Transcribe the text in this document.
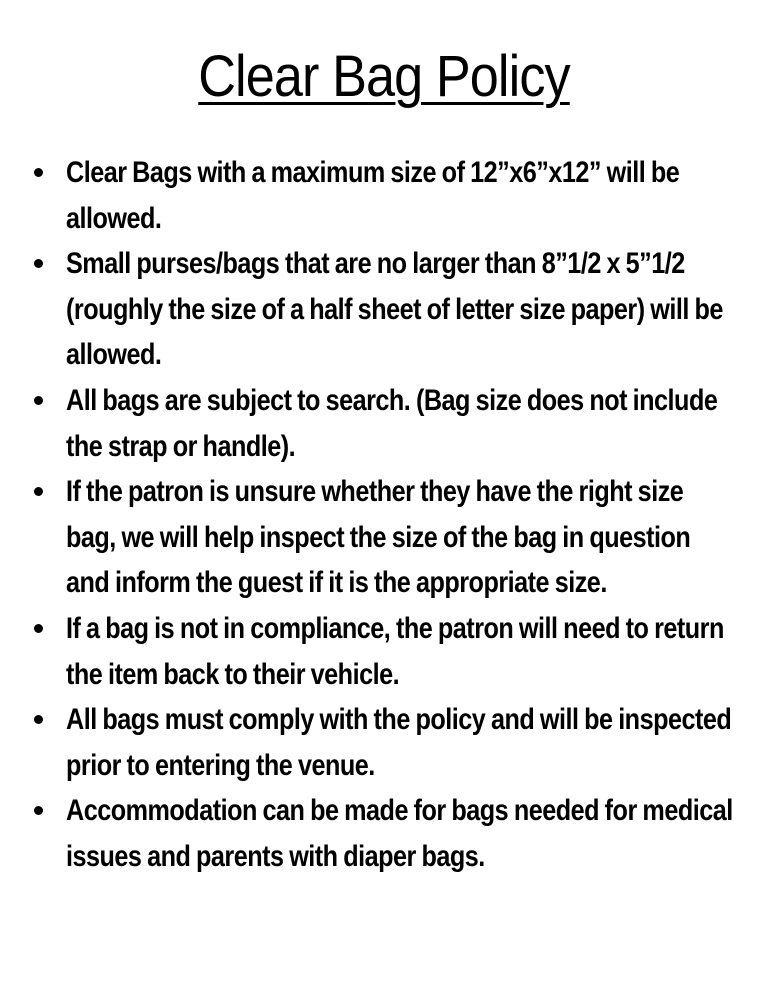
Clear Bag Policy
Clear Bags with a maximum size of 12”x6”x12” will be allowed.
Small purses/bags that are no larger than 8”1/2 x 5”1/2 (roughly the size of a half sheet of letter size paper) will be allowed.
All bags are subject to search. (Bag size does not include the strap or handle).
If the patron is unsure whether they have the right size bag, we will help inspect the size of the bag in question and inform the guest if it is the appropriate size.
If a bag is not in compliance, the patron will need to return the item back to their vehicle.
All bags must comply with the policy and will be inspected prior to entering the venue.
Accommodation can be made for bags needed for medical issues and parents with diaper bags.
